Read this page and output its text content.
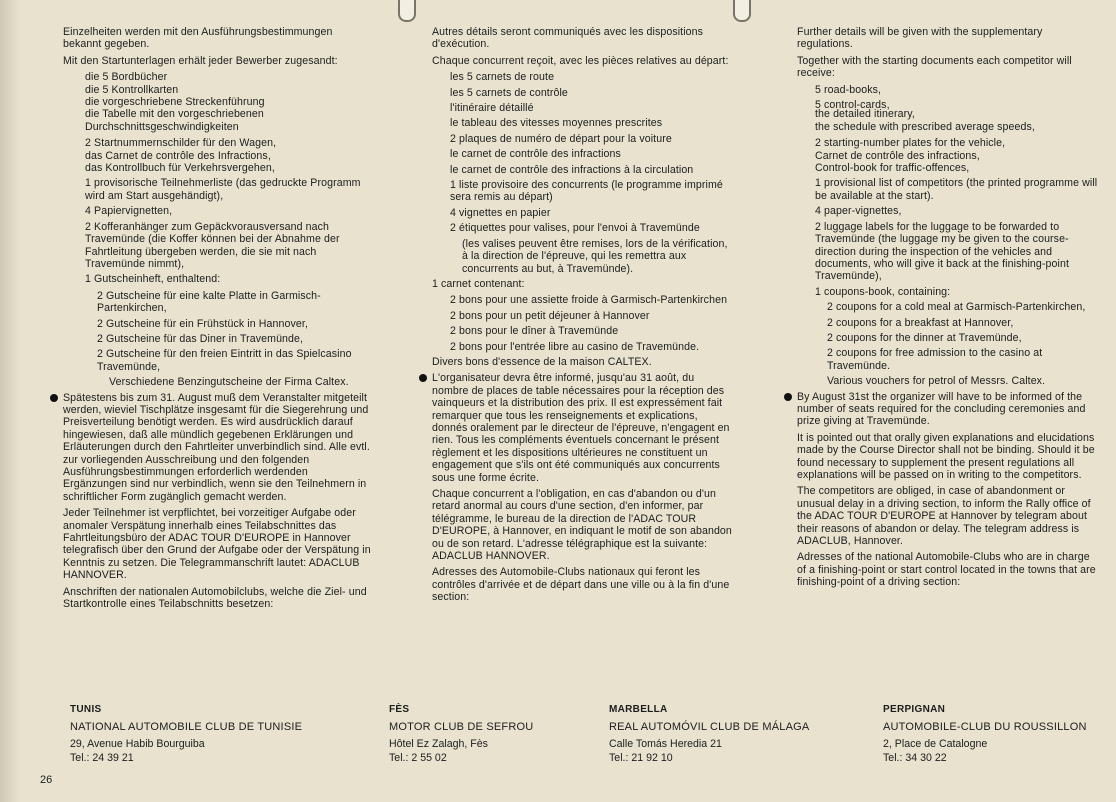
Einzelheiten werden mit den Ausführungsbestimmungen bekannt gegeben.

Mit den Startunterlagen erhält jeder Bewerber zugesandt:

die 5 Bordbücher
die 5 Kontrollkarten
die vorgeschriebene Streckenführung
die Tabelle mit den vorgeschriebenen Durchschnittsgeschwindigkeiten

2 Startnummernschilder für den Wagen,
das Carnet de contrôle des Infractions,
das Kontrollbuch für Verkehrsvergehen,

1 provisorische Teilnehmerliste (das gedruckte Programm wird am Start ausgehändigt),

4 Papiervignetten,

2 Kofferanhänger zum Gepäckvorausversand nach Travemünde (die Koffer können bei der Abnahme der Fahrtleitung übergeben werden, die sie mit nach Travemünde nimmt),

1 Gutscheinheft, enthaltend:

2 Gutscheine für eine kalte Platte in Garmisch-Partenkirchen,

2 Gutscheine für ein Frühstück in Hannover,

2 Gutscheine für das Diner in Travemünde,

2 Gutscheine für den freien Eintritt in das Spielcasino Travemünde,

Verschiedene Benzingutscheine der Firma Caltex.

Spätestens bis zum 31. August muß dem Veranstalter mitgeteilt werden, wieviel Tischplätze insgesamt für die Siegerehrung und Preisverteilung benötigt werden. Es wird ausdrücklich darauf hingewiesen, daß alle mündlich gegebenen Erklärungen und Erläuterungen durch den Fahrtleiter unverbindlich sind. Alle evtl. zur vorliegenden Ausschreibung und den folgenden Ausführungsbestimmungen erforderlich werdenden Ergänzungen sind nur verbindlich, wenn sie den Teilnehmern in schriftlicher Form zugänglich gemacht werden.

Jeder Teilnehmer ist verpflichtet, bei vorzeitiger Aufgabe oder anomaler Verspätung innerhalb eines Teilabschnittes das Fahrtleitungsbüro der ADAC TOUR D'EUROPE in Hannover telegrafisch über den Grund der Aufgabe oder der Verspätung in Kenntnis zu setzen. Die Telegrammanschrift lautet: ADACLUB HANNOVER.

Anschriften der nationalen Automobilclubs, welche die Ziel- und Startkontrolle eines Teilabschnitts besetzen:

Autres détails seront communiqués avec les dispositions d'exécution.

Chaque concurrent reçoit, avec les pièces relatives au départ:

les 5 carnets de route

les 5 carnets de contrôle

l'itinéraire détaillé

le tableau des vitesses moyennes prescrites

2 plaques de numéro de départ pour la voiture

le carnet de contrôle des infractions

le carnet de contrôle des infractions à la circulation

1 liste provisoire des concurrents (le programme imprimé sera remis au départ)

4 vignettes en papier

2 étiquettes pour valises, pour l'envoi à Travemünde

(les valises peuvent être remises, lors de la vérification, à la direction de l'épreuve, qui les remettra aux concurrents au but, à Travemünde).

1 carnet contenant:

2 bons pour une assiette froide à Garmisch-Partenkirchen

2 bons pour un petit déjeuner à Hannover

2 bons pour le dîner à Travemünde

2 bons pour l'entrée libre au casino de Travemünde.

Divers bons d'essence de la maison CALTEX.

L'organisateur devra être informé, jusqu'au 31 août, du nombre de places de table nécessaires pour la réception des vainqueurs et la distribution des prix. Il est expressément fait remarquer que tous les renseignements et explications, donnés oralement par le directeur de l'épreuve, n'engagent en rien. Tous les compléments éventuels concernant le présent règlement et les dispositions ultérieures ne constituent un engagement que s'ils ont été communiqués aux concurrents sous une forme écrite.

Chaque concurrent a l'obligation, en cas d'abandon ou d'un retard anormal au cours d'une section, d'en informer, par télégramme, le bureau de la direction de l'ADAC TOUR D'EUROPE, à Hannover, en indiquant le motif de son abandon ou de son retard. L'adresse télégraphique est la suivante: ADACLUB HANNOVER.

Adresses des Automobile-Clubs nationaux qui feront les contrôles d'arrivée et de départ dans une ville ou à la fin d'une section:

Further details will be given with the supplementary regulations.

Together with the starting documents each competitor will receive:

5 road-books,

5 control-cards,

the detailed itinerary,
the schedule with prescribed average speeds,

2 starting-number plates for the vehicle,
Carnet de contrôle des infractions,
Control-book for traffic-offences,

1 provisional list of competitors (the printed programme will be available at the start).

4 paper-vignettes,

2 luggage labels for the luggage to be forwarded to Travemünde (the luggage my be given to the course-direction during the inspection of the vehicles and documents, who will give it back at the finishing-point Travemünde),

1 coupons-book, containing:

2 coupons for a cold meal at Garmisch-Partenkirchen,

2 coupons for a breakfast at Hannover,

2 coupons for the dinner at Travemünde,

2 coupons for free admission to the casino at Travemünde.

Various vouchers for petrol of Messrs. Caltex.

By August 31st the organizer will have to be informed of the number of seats required for the concluding ceremonies and prize giving at Travemünde.

It is pointed out that orally given explanations and elucidations made by the Course Director shall not be binding. Should it be found necessary to supplement the present regulations all explanations will be passed on in writing to the competitors.

The competitors are obliged, in case of abandonment or unusual delay in a driving section, to inform the Rally office of the ADAC TOUR D'EUROPE at Hannover by telegram about their reasons of abandon or delay. The telegram address is ADACLUB, Hannover.

Adresses of the national Automobile-Clubs who are in charge of a finishing-point or start control located in the towns that are finishing-point of a driving section:

TUNIS
NATIONAL AUTOMOBILE CLUB DE TUNISIE
29, Avenue Habib Bourguiba
Tel.: 24 39 21
FÈS
MOTOR CLUB DE SEFROU
Hôtel Ez Zalagh, Fès
Tel.: 2 55 02
MARBELLA
REAL AUTOMÓVIL CLUB DE MÁLAGA
Calle Tomás Heredia 21
Tel.: 21 92 10
PERPIGNAN
AUTOMOBILE-CLUB DU ROUSSILLON
2, Place de Catalogne
Tel.: 34 30 22
26
